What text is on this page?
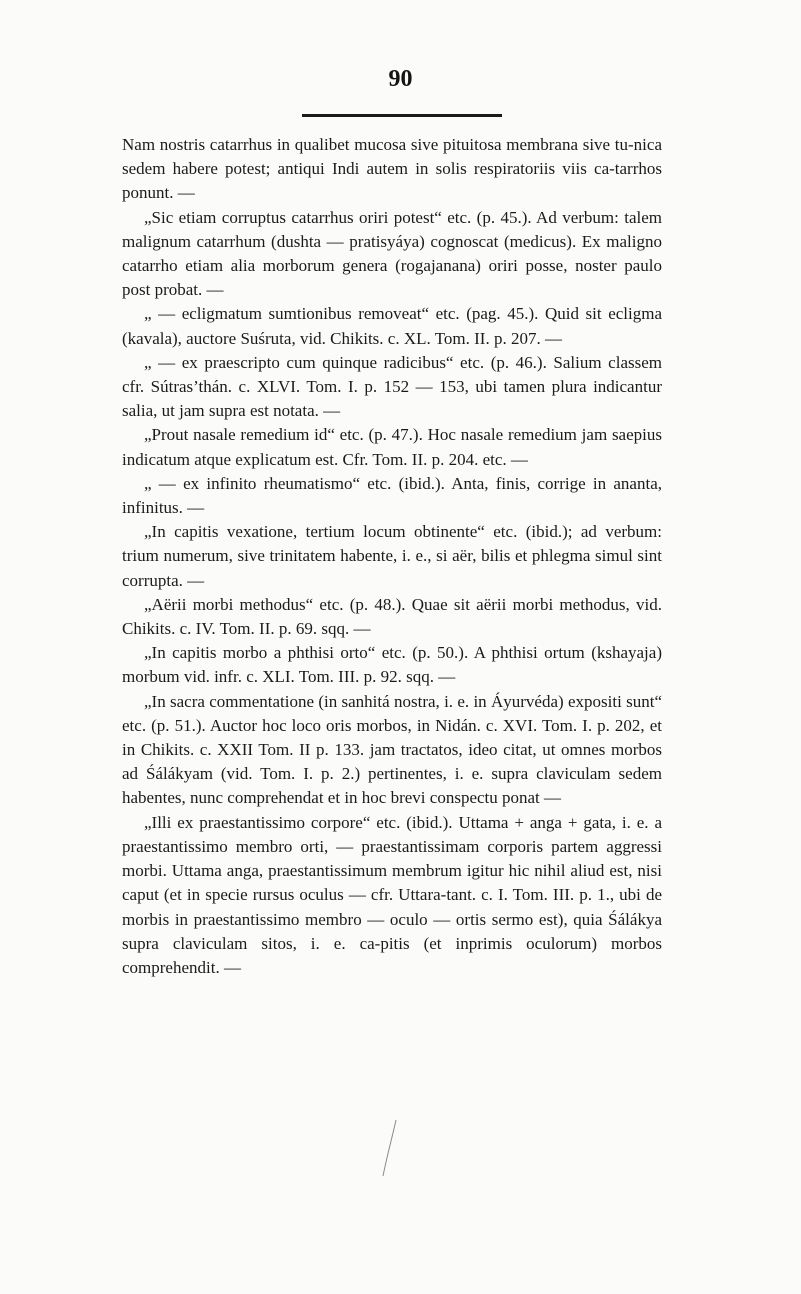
90

Nam nostris catarrhus in qualibet mucosa sive pituitosa membrana sive tu‑nica sedem habere potest; antiqui Indi autem in solis respiratoriis viis ca‑tarrhos ponunt. —

„Sic etiam corruptus catarrhus oriri potest“ etc. (p. 45.). Ad verbum: talem malignum catarrhum (dushta — pratisyáya) cognoscat (medicus). Ex maligno catarrho etiam alia morborum genera (rogajanana) oriri posse, noster paulo post probat. —

„ — ecligmatum sumtionibus removeat“ etc. (pag. 45.). Quid sit ecligma (kavala), auctore Suśruta, vid. Chikits. c. XL. Tom. II. p. 207. —

„ — ex praescripto cum quinque radicibus“ etc. (p. 46.). Salium classem cfr. Sútras’thán. c. XLVI. Tom. I. p. 152 — 153, ubi tamen plura indicantur salia, ut jam supra est notata. —

„Prout nasale remedium id“ etc. (p. 47.). Hoc nasale remedium jam saepius indicatum atque explicatum est. Cfr. Tom. II. p. 204. etc. —

„ — ex infinito rheumatismo“ etc. (ibid.). Anta, finis, corrige in ananta, infinitus. —

„In capitis vexatione, tertium locum obtinente“ etc. (ibid.); ad verbum: trium numerum, sive trinitatem habente, i. e., si aër, bilis et phlegma simul sint corrupta. —

„Aërii morbi methodus“ etc. (p. 48.). Quae sit aërii morbi methodus, vid. Chikits. c. IV. Tom. II. p. 69. sqq. —

„In capitis morbo a phthisi orto“ etc. (p. 50.). A phthisi ortum (kshayaja) morbum vid. infr. c. XLI. Tom. III. p. 92. sqq. —

„In sacra commentatione (in sanhitá nostra, i. e. in Áyurvéda) expositi sunt“ etc. (p. 51.). Auctor hoc loco oris morbos, in Nidán. c. XVI. Tom. I. p. 202, et in Chikits. c. XXII Tom. II p. 133. jam tractatos, ideo citat, ut omnes morbos ad Śálákyam (vid. Tom. I. p. 2.) pertinentes, i. e. supra claviculam sedem habentes, nunc comprehendat et in hoc brevi conspectu ponat —

„Illi ex praestantissimo corpore“ etc. (ibid.). Uttama + anga + gata, i. e. a praestantissimo membro orti, — praestantissimam corporis partem aggressi morbi. Uttama anga, praestantissimum membrum igitur hic nihil aliud est, nisi caput (et in specie rursus oculus — cfr. Uttara-tant. c. I. Tom. III. p. 1., ubi de morbis in praestantissimo membro — oculo — ortis sermo est), quia Śálákya supra claviculam sitos, i. e. ca‑pitis (et inprimis oculorum) morbos comprehendit. —
